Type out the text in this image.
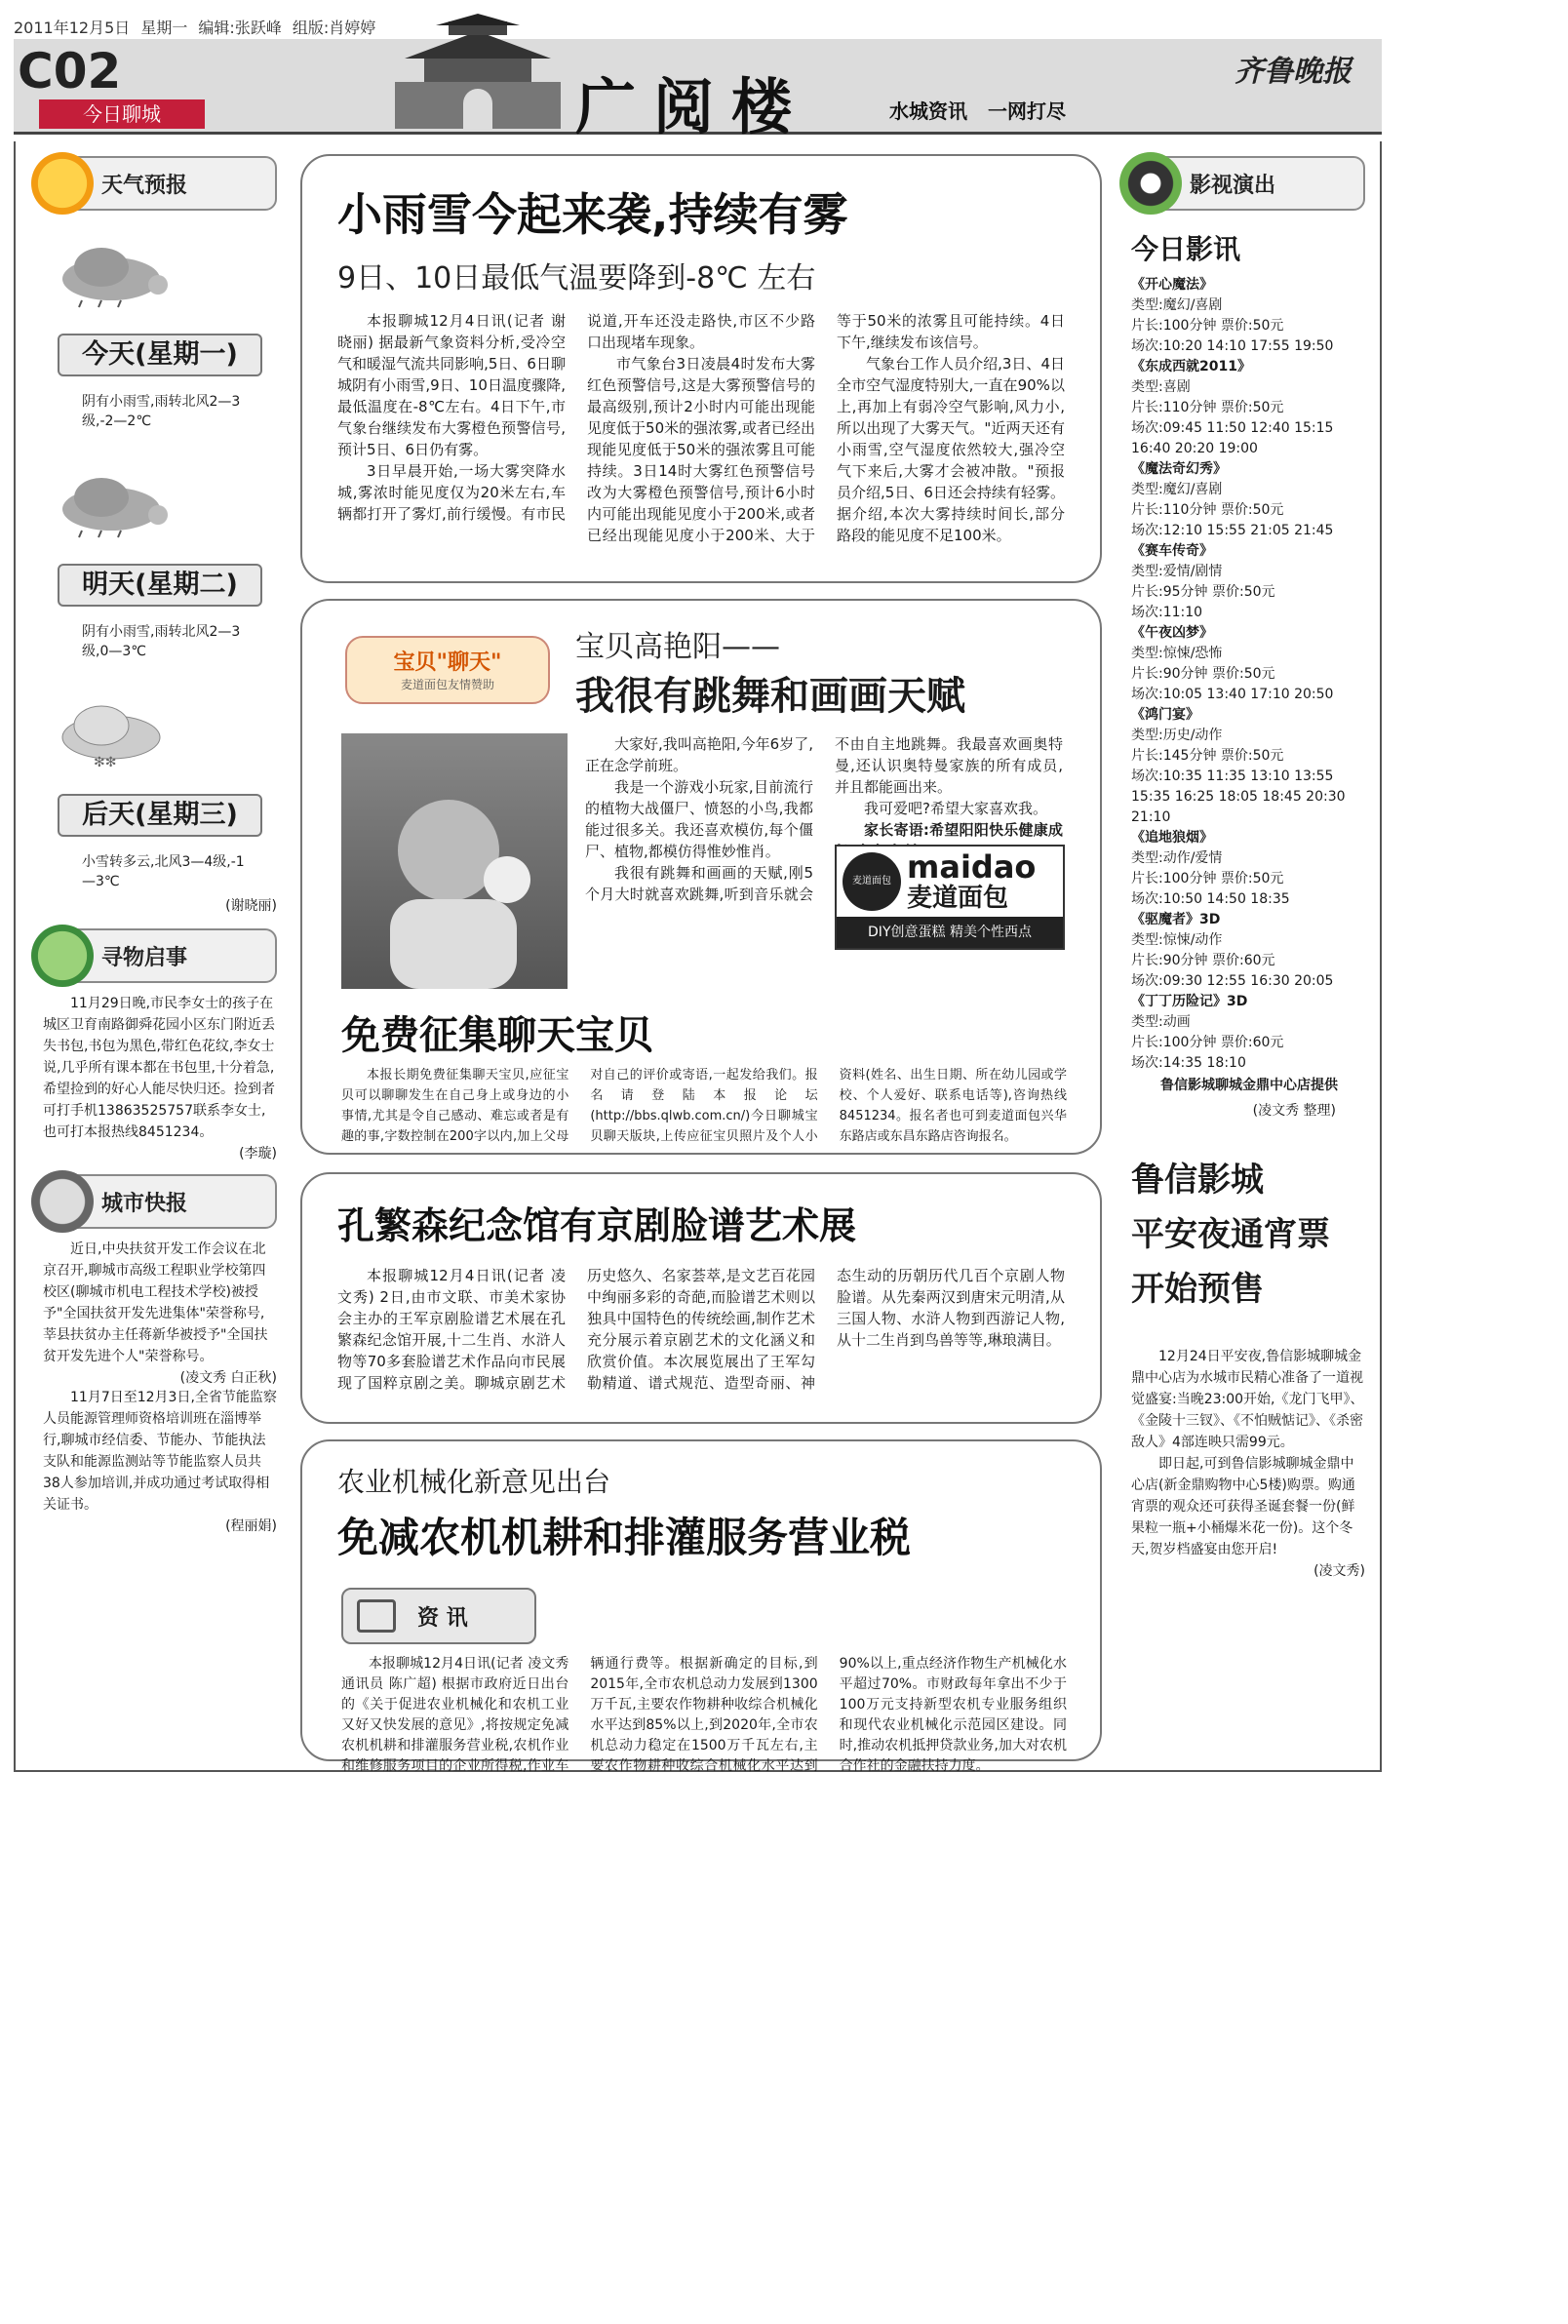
2011年12月5日 星期一 编辑:张跃峰 组版:肖婷婷
C02
今日聊城	广阅楼	水城资讯 一网打尽
齐鲁晚报
天气预报
今天(星期一)
阴有小雨雪,雨转北风2—3级,-2—2℃
明天(星期二)
阴有小雨雪,雨转北风2—3级,0—3℃
✻✻
后天(星期三)
小雪转多云,北风3—4级,-1—3℃
(谢晓丽)
寻物启事

11月29日晚,市民李女士的孩子在城区卫育南路御舜花园小区东门附近丢失书包,书包为黑色,带红色花纹,李女士说,几乎所有课本都在书包里,十分着急,希望捡到的好心人能尽快归还。捡到者可打手机13863525757联系李女士,也可打本报热线8451234。

(李璇)
城市快报

近日,中央扶贫开发工作会议在北京召开,聊城市高级工程职业学校第四校区(聊城市机电工程技术学校)被授予"全国扶贫开发先进集体"荣誉称号,莘县扶贫办主任蒋新华被授予"全国扶贫开发先进个人"荣誉称号。

(凌文秀 白正秋)

11月7日至12月3日,全省节能监察人员能源管理师资格培训班在淄博举行,聊城市经信委、节能办、节能执法支队和能源监测站等节能监察人员共38人参加培训,并成功通过考试取得相关证书。

(程丽娟)
小雨雪今起来袭,持续有雾
9日、10日最低气温要降到-8℃ 左右

本报聊城12月4日讯(记者 谢晓丽) 据最新气象资料分析,受冷空气和暖湿气流共同影响,5日、6日聊城阴有小雨雪,9日、10日温度骤降,最低温度在-8℃左右。4日下午,市气象台继续发布大雾橙色预警信号,预计5日、6日仍有雾。

3日早晨开始,一场大雾突降水城,雾浓时能见度仅为20米左右,车辆都打开了雾灯,前行缓慢。有市民说道,开车还没走路快,市区不少路口出现堵车现象。

市气象台3日凌晨4时发布大雾红色预警信号,这是大雾预警信号的最高级别,预计2小时内可能出现能见度低于50米的强浓雾,或者已经出现能见度低于50米的强浓雾且可能持续。3日14时大雾红色预警信号改为大雾橙色预警信号,预计6小时内可能出现能见度小于200米,或者已经出现能见度小于200米、大于等于50米的浓雾且可能持续。4日下午,继续发布该信号。

气象台工作人员介绍,3日、4日全市空气湿度特别大,一直在90%以上,再加上有弱冷空气影响,风力小,所以出现了大雾天气。"近两天还有小雨雪,空气湿度依然较大,强冷空气下来后,大雾才会被冲散。"预报员介绍,5日、6日还会持续有轻雾。据介绍,本次大雾持续时间长,部分路段的能见度不足100米。

宝贝"聊天"
麦道面包友情赞助
宝贝高艳阳——
我很有跳舞和画画天赋

大家好,我叫高艳阳,今年6岁了,正在念学前班。

我是一个游戏小玩家,目前流行的植物大战僵尸、愤怒的小鸟,我都能过很多关。我还喜欢模仿,每个僵尸、植物,都模仿得惟妙惟肖。

我很有跳舞和画画的天赋,刚5个月大时就喜欢跳舞,听到音乐就会不由自主地跳舞。我最喜欢画奥特曼,还认识奥特曼家族的所有成员,并且都能画出来。

我可爱吧?希望大家喜欢我。

家长寄语:希望阳阳快乐健康成

麦道面包 maidao
麦道面包
DIY创意蛋糕 精美个性西点
免费征集聊天宝贝

本报长期免费征集聊天宝贝,应征宝贝可以聊聊发生在自己身上或身边的小事情,尤其是令自己感动、难忘或者是有趣的事,字数控制在200字以内,加上父母对自己的评价或寄语,一起发给我们。报名请登陆本报论坛(http://bbs.qlwb.com.cn/)今日聊城宝贝聊天版块,上传应征宝贝照片及个人小资料(姓名、出生日期、所在幼儿园或学校、个人爱好、联系电话等),咨询热线8451234。报名者也可到麦道面包兴华东路店或东昌东路店咨询报名。

孔繁森纪念馆有京剧脸谱艺术展

本报聊城12月4日讯(记者 凌文秀) 2日,由市文联、市美术家协会主办的王军京剧脸谱艺术展在孔繁森纪念馆开展,十二生肖、水浒人物等70多套脸谱艺术作品向市民展现了国粹京剧之美。聊城京剧艺术历史悠久、名家荟萃,是文艺百花园中绚丽多彩的奇葩,而脸谱艺术则以独具中国特色的传统绘画,制作艺术充分展示着京剧艺术的文化涵义和欣赏价值。本次展览展出了王军勾勒精道、谱式规范、造型奇丽、神态生动的历朝历代几百个京剧人物脸谱。从先秦两汉到唐宋元明清,从三国人物、水浒人物到西游记人物,从十二生肖到鸟兽等等,琳琅满目。

农业机械化新意见出台
免减农机机耕和排灌服务营业税
资 讯

本报聊城12月4日讯(记者 凌文秀 通讯员 陈广超) 根据市政府近日出台的《关于促进农业机械化和农机工业又好又快发展的意见》,将按规定免减农机机耕和排灌服务营业税,农机作业和维修服务项目的企业所得税,作业车辆通行费等。根据新确定的目标,到2015年,全市农机总动力发展到1300万千瓦,主要农作物耕种收综合机械化水平达到85%以上,到2020年,全市农机总动力稳定在1500万千瓦左右,主要农作物耕种收综合机械化水平达到90%以上,重点经济作物生产机械化水平超过70%。市财政每年拿出不少于100万元支持新型农机专业服务组织和现代农业机械化示范园区建设。同时,推动农机抵押贷款业务,加大对农机合作社的金融扶持力度。

影视演出
今日影讯
《开心魔法》
类型:魔幻/喜剧
片长:100分钟 票价:50元
场次:10:20 14:10 17:55 19:50
《东成西就2011》
类型:喜剧
片长:110分钟 票价:50元
场次:09:45 11:50 12:40 15:15 16:40 20:20 19:00
《魔法奇幻秀》
类型:魔幻/喜剧
片长:110分钟 票价:50元
场次:12:10 15:55 21:05 21:45
《赛车传奇》
类型:爱情/剧情
片长:95分钟 票价:50元
场次:11:10
《午夜凶梦》
类型:惊悚/恐怖
片长:90分钟 票价:50元
场次:10:05 13:40 17:10 20:50
《鸿门宴》
类型:历史/动作
片长:145分钟 票价:50元
场次:10:35 11:35 13:10 13:55 15:35 16:25 18:05 18:45 20:30 21:10
《追地狼烟》
类型:动作/爱情
片长:100分钟 票价:50元
场次:10:50 14:50 18:35
《驱魔者》3D
类型:惊悚/动作
片长:90分钟 票价:60元
场次:09:30 12:55 16:30 20:05
《丁丁历险记》3D
类型:动画
片长:100分钟 票价:60元
场次:14:35 18:10
鲁信影城聊城金鼎中心店提供
(凌文秀 整理)
鲁信影城
平安夜通宵票
开始预售

12月24日平安夜,鲁信影城聊城金鼎中心店为水城市民精心准备了一道视觉盛宴:当晚23:00开始,《龙门飞甲》、《金陵十三钗》、《不怕贼惦记》、《杀密敌人》4部连映只需99元。

即日起,可到鲁信影城聊城金鼎中心店(新金鼎购物中心5楼)购票。购通宵票的观众还可获得圣诞套餐一份(鲜果粒一瓶+小桶爆米花一份)。这个冬天,贺岁档盛宴由您开启!

(凌文秀)
